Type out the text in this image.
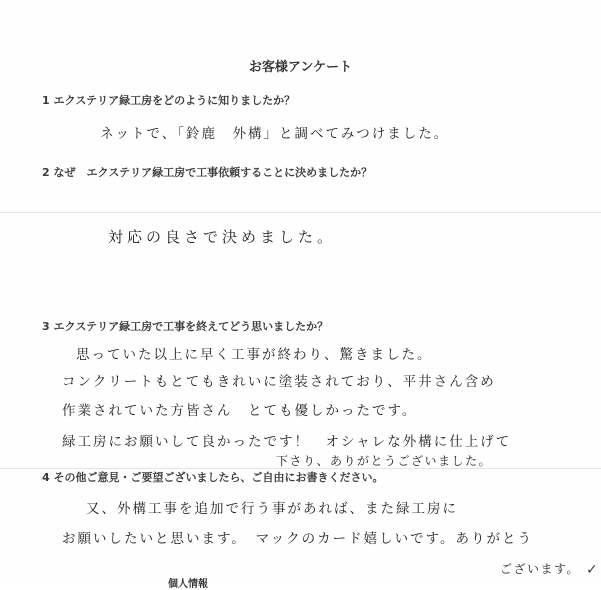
お客様アンケート
1 エクステリア緑工房をどのように知りましたか？
ネットで、「鈴鹿　外構」と調べてみつけました。
2 なぜ　エクステリア緑工房で工事依頼することに決めましたか？
対応の良さで決めました。
3 エクステリア緑工房で工事を終えてどう思いましたか？
思っていた以上に早く工事が終わり、驚きました。
コンクリートもとてもきれいに塗装されており、平井さん含め
作業されていた方皆さん　とても優しかったです。
緑工房にお願いして良かったです！　オシャレな外構に仕上げて
下さり、ありがとうございました。
4 その他ご意見・ご要望ございましたら、ご自由にお書きください。
又、外構工事を追加で行う事があれば、また緑工房に
お願いしたいと思います。　マックのカード嬉しいです。ありがとう
ございます。 ✓
個人情報
